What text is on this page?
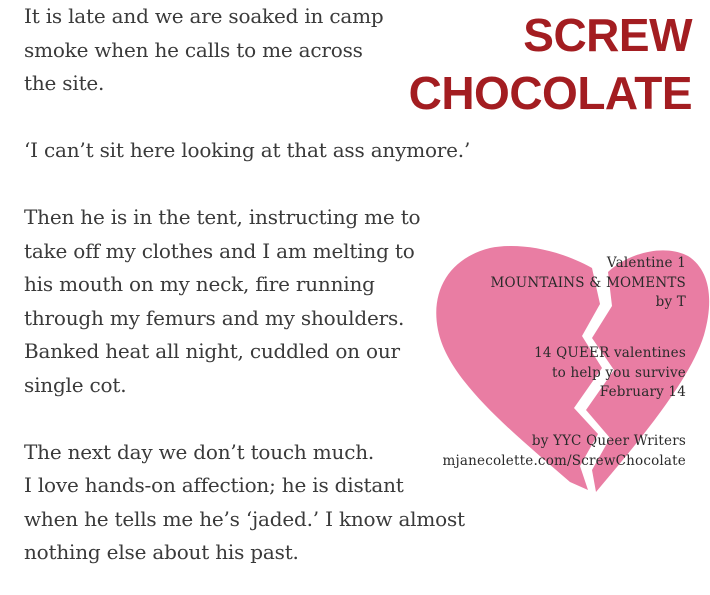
It is late and we are soaked in camp
smoke when he calls to me across
the site.
‘I can’t sit here looking at that ass anymore.’
Then he is in the tent, instructing me to
take off my clothes and I am melting to
his mouth on my neck, fire running
through my femurs and my shoulders.
Banked heat all night, cuddled on our
single cot.
The next day we don’t touch much.
I love hands-on affection; he is distant
when he tells me he’s ‘jaded.’ I know almost
nothing else about his past.
SCREW
CHOCOLATE
Valentine 1
MOUNTAINS & MOMENTS
by T
14 QUEER valentines
to help you survive
February 14
by YYC Queer Writers
mjanecolette.com/ScrewChocolate
